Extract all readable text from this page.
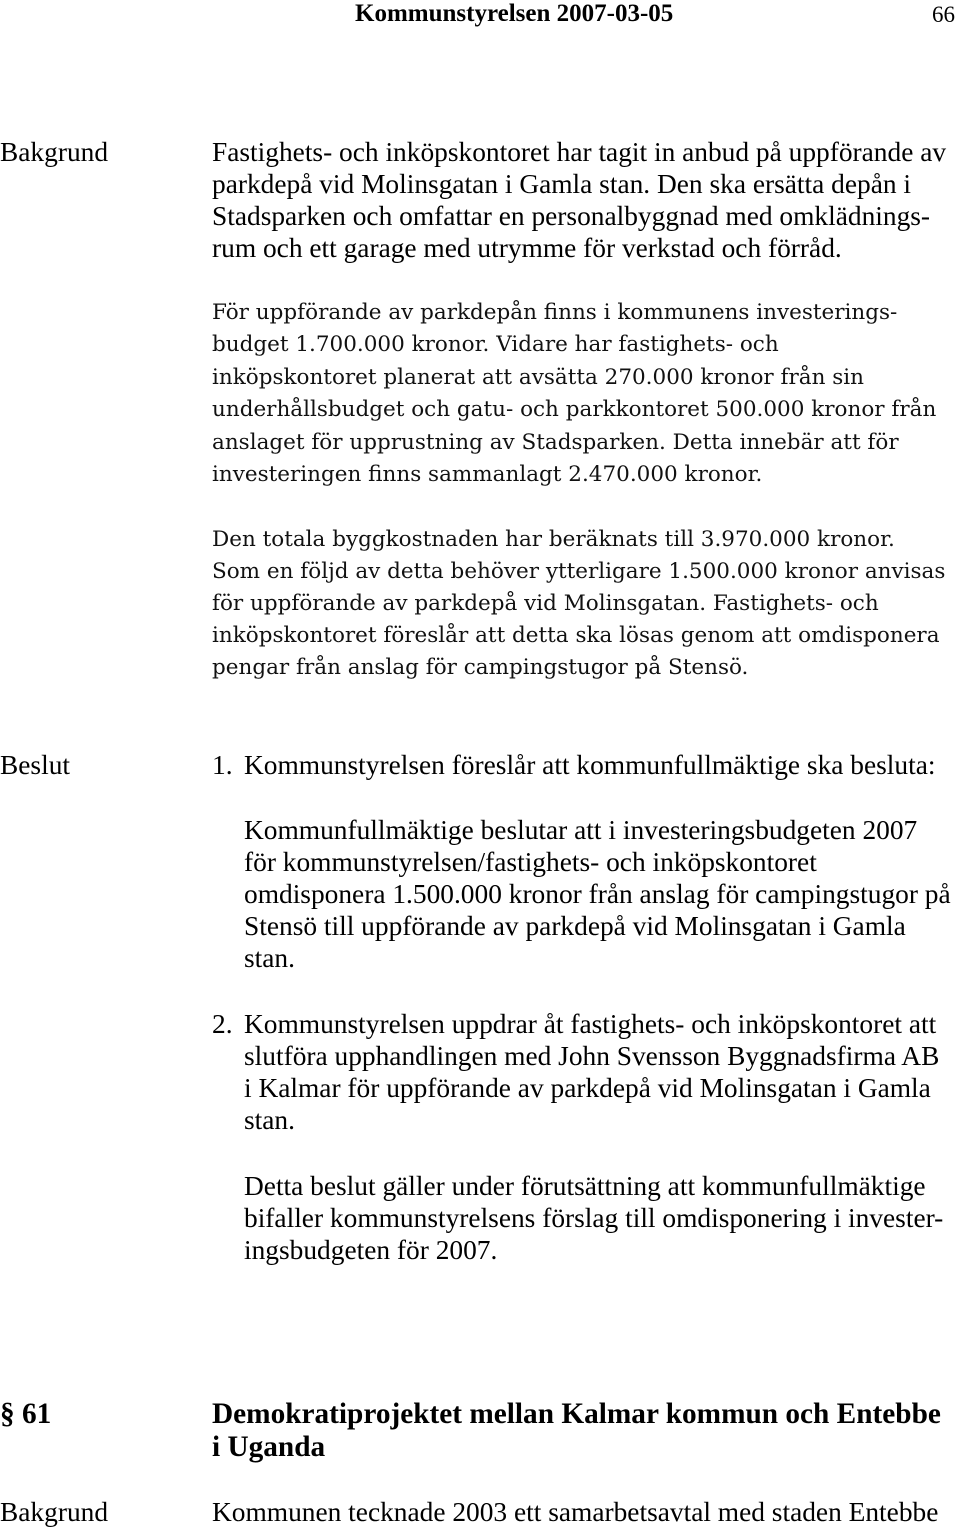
Kommunstyrelsen 2007-03-05	66
Bakgrund	Fastighets- och inköpskontoret har tagit in anbud på uppförande av
parkdepå vid Molinsgatan i Gamla stan. Den ska ersätta depån i
Stadsparken och omfattar en personalbyggnad med omklädnings-
rum och ett garage med utrymme för verkstad och förråd.
För uppförande av parkdepån finns i kommunens investerings-
budget 1.700.000 kronor. Vidare har fastighets- och
inköpskontoret planerat att avsätta 270.000 kronor från sin
underhållsbudget och gatu- och parkkontoret 500.000 kronor från
anslaget för upprustning av Stadsparken. Detta innebär att för
investeringen finns sammanlagt 2.470.000 kronor.
Den totala byggkostnaden har beräknats till 3.970.000 kronor.
Som en följd av detta behöver ytterligare 1.500.000 kronor anvisas
för uppförande av parkdepå vid Molinsgatan. Fastighets- och
inköpskontoret föreslår att detta ska lösas genom att omdisponera
pengar från anslag för campingstugor på Stensö.
Beslut	1. Kommunstyrelsen föreslår att kommunfullmäktige ska besluta:
Kommunfullmäktige beslutar att i investeringsbudgeten 2007
för kommunstyrelsen/fastighets- och inköpskontoret
omdisponera 1.500.000 kronor från anslag för campingstugor på
Stensö till uppförande av parkdepå vid Molinsgatan i Gamla
stan.
2. Kommunstyrelsen uppdrar åt fastighets- och inköpskontoret att
slutföra upphandlingen med John Svensson Byggnadsfirma AB
i Kalmar för uppförande av parkdepå vid Molinsgatan i Gamla
stan.
Detta beslut gäller under förutsättning att kommunfullmäktige
bifaller kommunstyrelsens förslag till omdisponering i invester-
ingsbudgeten för 2007.
§ 61	Demokratiprojektet mellan Kalmar kommun och Entebbe
i Uganda
Bakgrund	Kommunen tecknade 2003 ett samarbetsavtal med staden Entebbe
